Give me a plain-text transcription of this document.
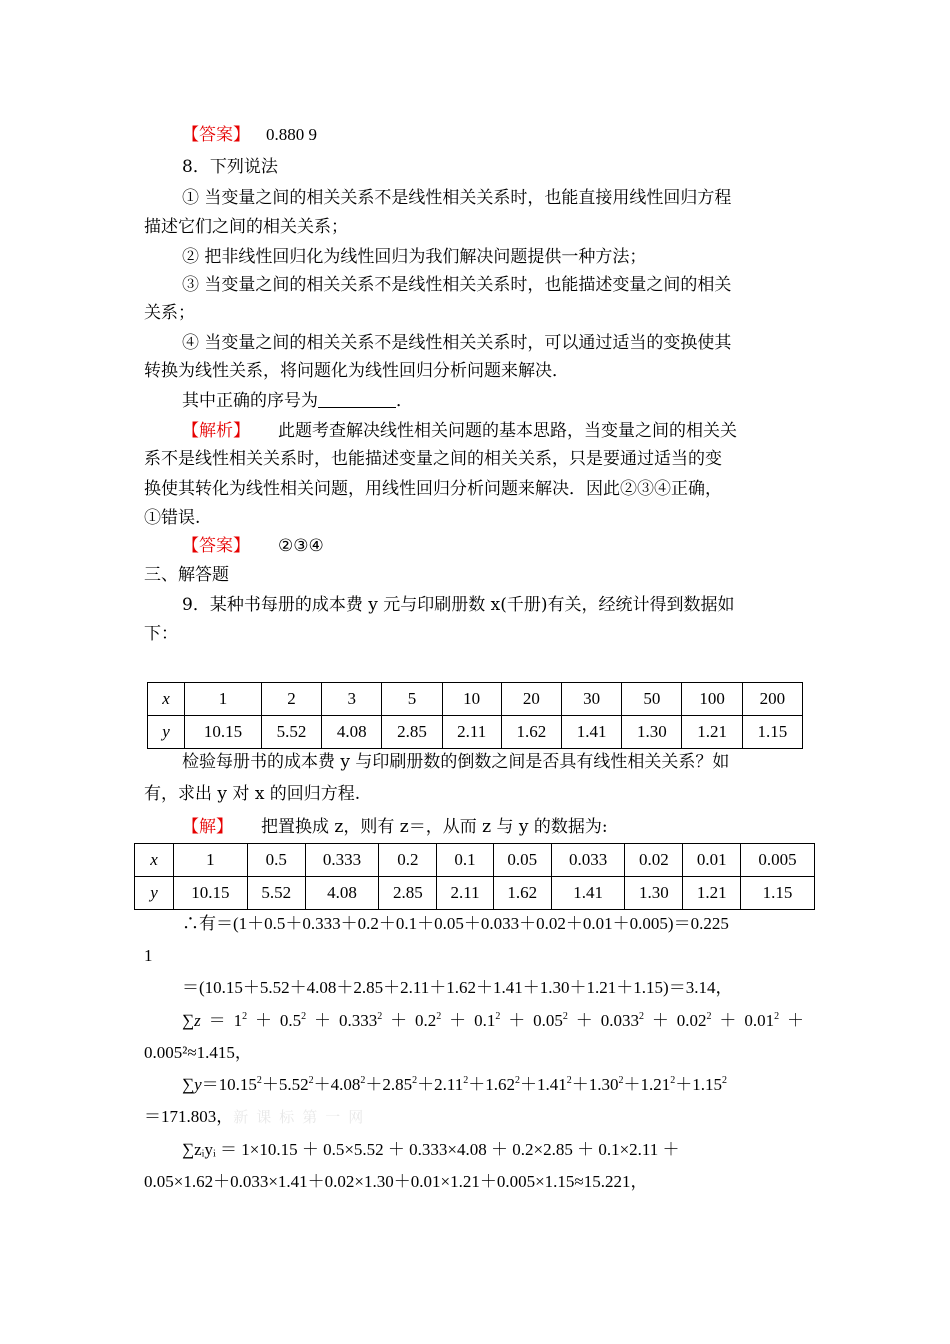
【答案】 0.880 9
8．下列说法
① 当变量之间的相关关系不是线性相关关系时，也能直接用线性回归方程
描述它们之间的相关关系；
② 把非线性回归化为线性回归为我们解决问题提供一种方法；
③ 当变量之间的相关关系不是线性相关关系时，也能描述变量之间的相关
关系；
④ 当变量之间的相关关系不是线性相关关系时，可以通过适当的变换使其
转换为线性关系，将问题化为线性回归分析问题来解决．
其中正确的序号为	．
【解析】 此题考查解决线性相关问题的基本思路，当变量之间的相关关
系不是线性相关关系时，也能描述变量之间的相关关系，只是要通过适当的变
换使其转化为线性相关问题，用线性回归分析问题来解决．因此②③④正确，
①错误.
【答案】 ②③④
三、解答题
9．某种书每册的成本费 y 元与印刷册数 x(千册)有关，经统计得到数据如
下：
x	1	2	3	5	10	20	30	50	100	200
y	10.15	5.52	4.08	2.85	2.11	1.62	1.41	1.30	1.21	1.15
检验每册书的成本费 y 与印刷册数的倒数之间是否具有线性相关关系？如
有，求出 y 对 x 的回归方程.
【解】 把置换成 z，则有 z＝，从而 z 与 y 的数据为:
x	1	0.5	0.333	0.2	0.1	0.05	0.033	0.02	0.01	0.005
y	10.15	5.52	4.08	2.85	2.11	1.62	1.41	1.30	1.21	1.15
∴有＝(1＋0.5＋0.333＋0.2＋0.1＋0.05＋0.033＋0.02＋0.01＋0.005)＝0.225
1
＝(10.15＋5.52＋4.08＋2.85＋2.11＋1.62＋1.41＋1.30＋1.21＋1.15)＝3.14，
$\sum z = 1^2 + 0.5^2 + 0.333^2 + 0.2^2 + 0.1^2 + 0.05^2 + 0.033^2 + 0.02^2 + 0.01^2$ ＋
0.005²≈1.415，
$\sum y=10.15^2+5.52^2+4.08^2+2.85^2+2.11^2+1.62^2+1.41^2+1.30^2+1.21^2+1.15^2$
＝171.803，新课标第一网
∑zᵢyᵢ ＝ 1×10.15 ＋ 0.5×5.52 ＋ 0.333×4.08 ＋ 0.2×2.85 ＋ 0.1×2.11 ＋
0.05×1.62＋0.033×1.41＋0.02×1.30＋0.01×1.21＋0.005×1.15≈15.221，
